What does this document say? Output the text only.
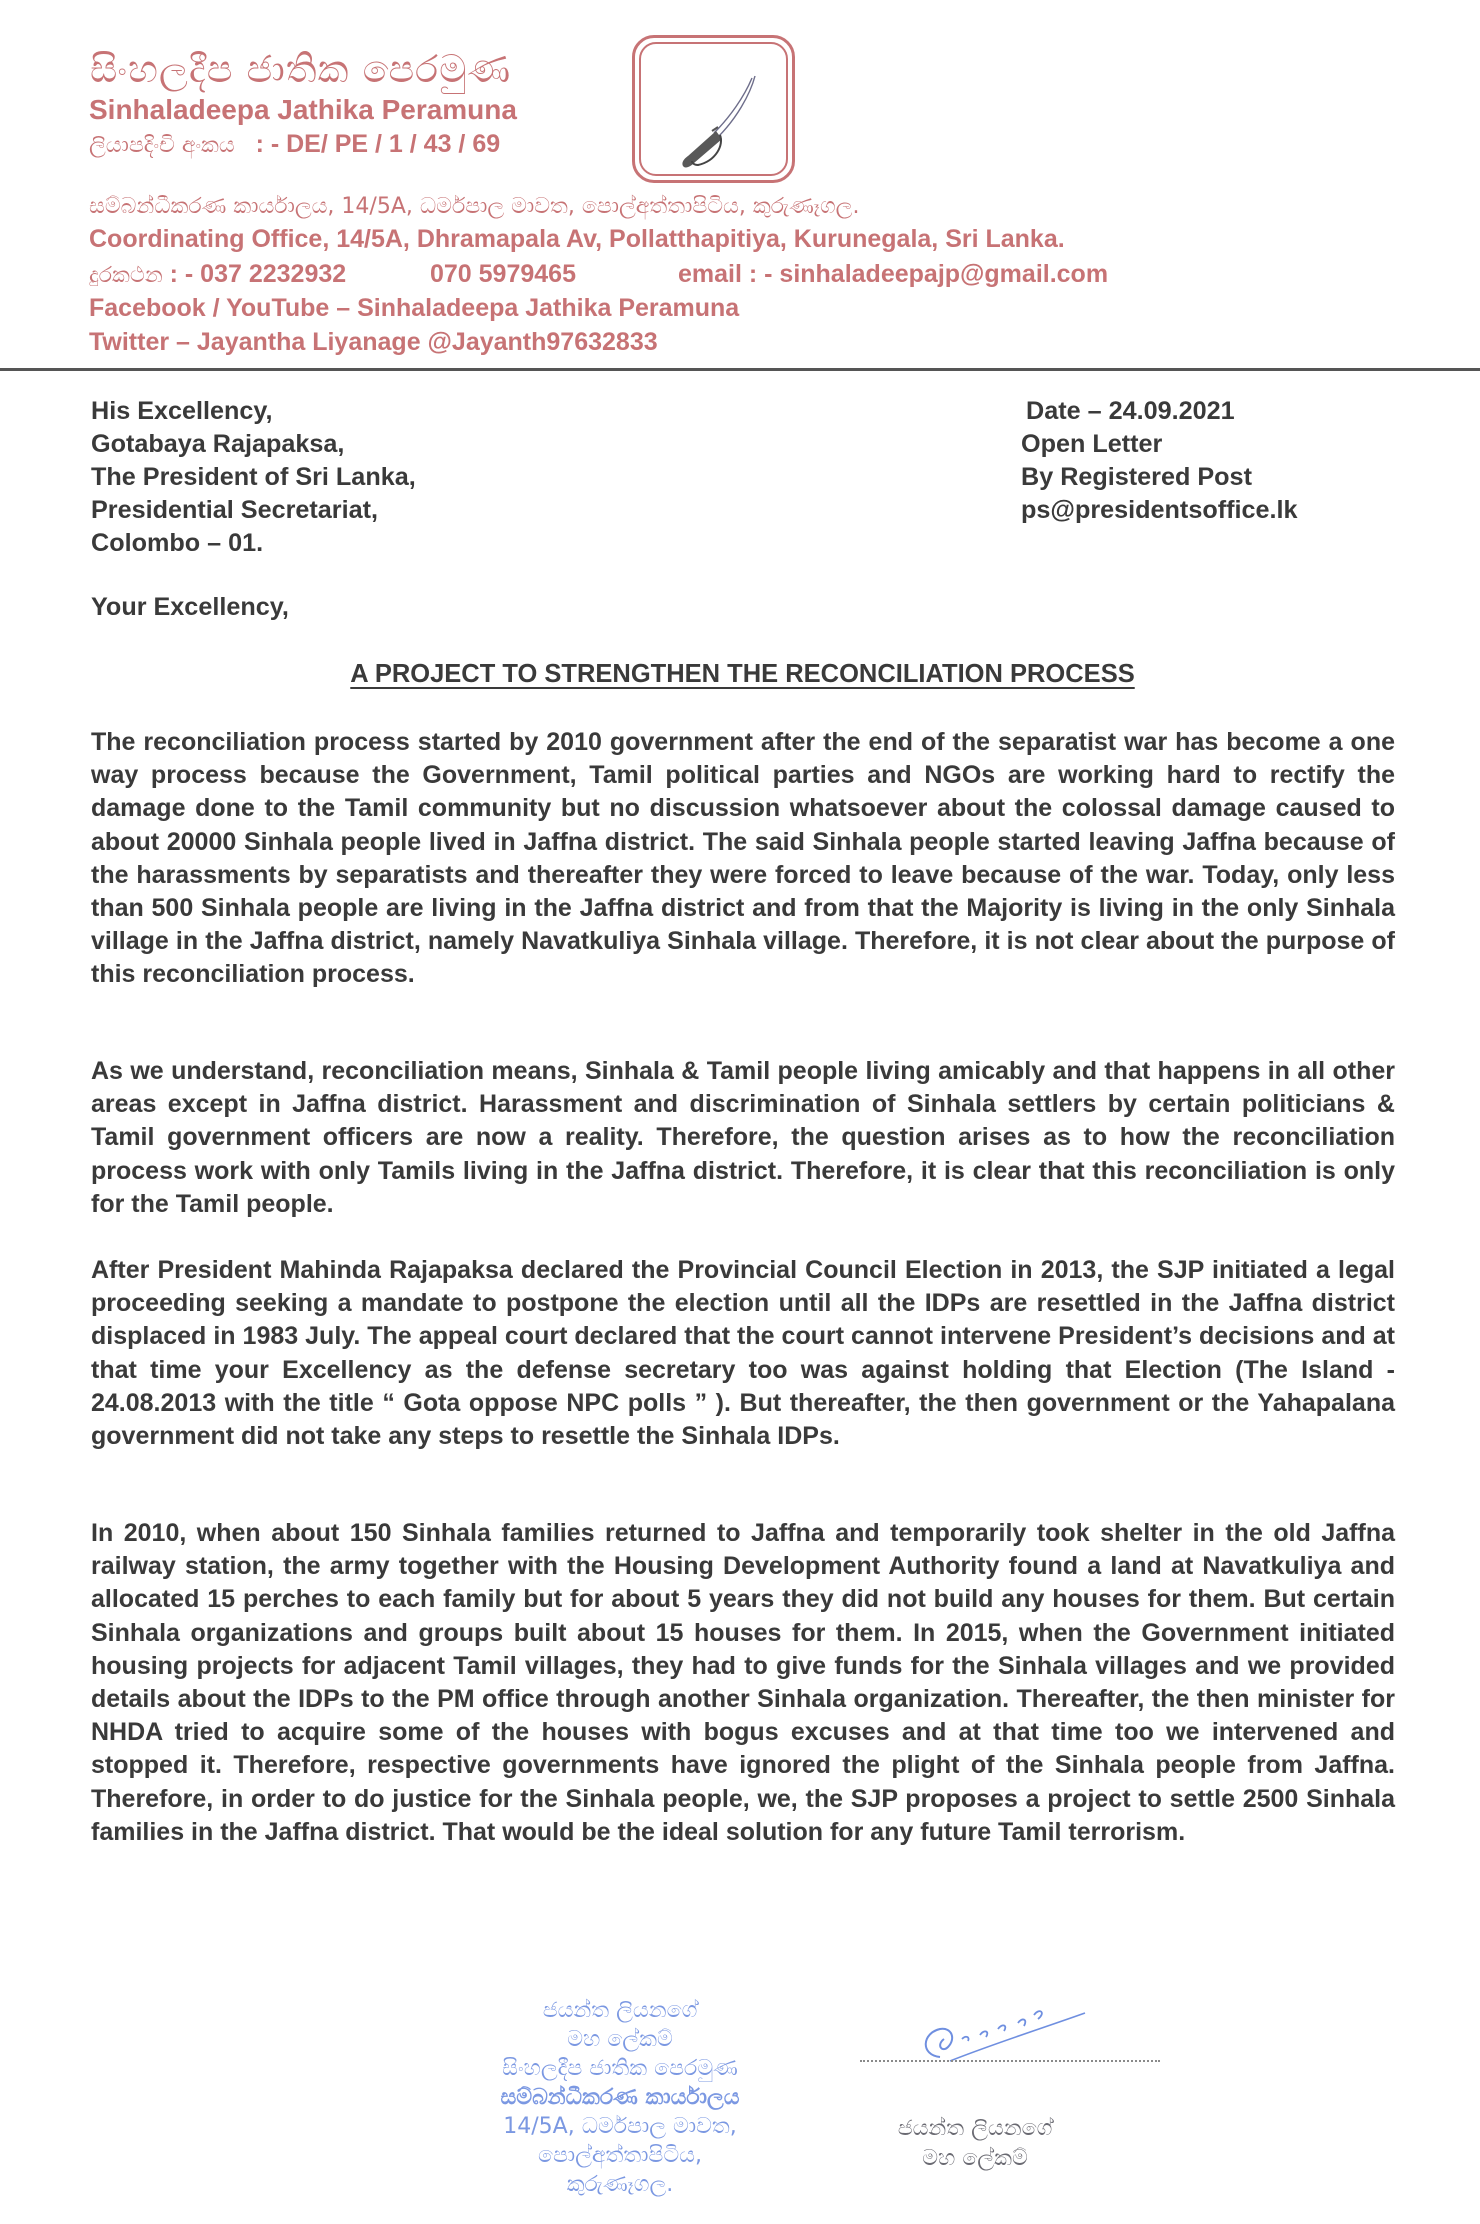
සිංහලදීප ජාතික පෙරමුණ
Sinhaladeepa Jathika Peramuna
ලියාපදිංචි අංකය : - DE/ PE / 1 / 43 / 69
සම්බන්ධීකරණ කාර්යාලය, 14/5A, ධර්මපාල මාවත, පොල්අත්තාපිටිය, කුරුණෑගල.
Coordinating Office, 14/5A, Dhramapala Av, Pollatthapitiya, Kurunegala, Sri Lanka.
දුරකථන : - 037 2232932	070 5979465	email : - sinhaladeepajp@gmail.com
Facebook / YouTube – Sinhaladeepa Jathika Peramuna
Twitter – Jayantha Liyanage @Jayanth97632833
His Excellency,
Gotabaya Rajapaksa,
The President of Sri Lanka,
Presidential Secretariat,
Colombo – 01.
Date – 24.09.2021
Open Letter
By Registered Post
ps@presidentsoffice.lk
Your Excellency,
A PROJECT TO STRENGTHEN THE RECONCILIATION PROCESS
The reconciliation process started by 2010 government after the end of the separatist war has become a one way process because the Government, Tamil political parties and NGOs are working hard to rectify the damage done to the Tamil community but no discussion whatsoever about the colossal damage caused to about 20000 Sinhala people lived in Jaffna district. The said Sinhala people started leaving Jaffna because of the harassments by separatists and thereafter they were forced to leave because of the war. Today, only less than 500 Sinhala people are living in the Jaffna district and from that the Majority is living in the only Sinhala village in the Jaffna district, namely Navatkuliya Sinhala village. Therefore, it is not clear about the purpose of this reconciliation process.
As we understand, reconciliation means, Sinhala & Tamil people living amicably and that happens in all other areas except in Jaffna district. Harassment and discrimination of Sinhala settlers by certain politicians & Tamil government officers are now a reality. Therefore, the question arises as to how the reconciliation process work with only Tamils living in the Jaffna district. Therefore, it is clear that this reconciliation is only for the Tamil people.
After President Mahinda Rajapaksa declared the Provincial Council Election in 2013, the SJP initiated a legal proceeding seeking a mandate to postpone the election until all the IDPs are resettled in the Jaffna district displaced in 1983 July. The appeal court declared that the court cannot intervene President’s decisions and at that time your Excellency as the defense secretary too was against holding that Election (The Island - 24.08.2013 with the title “ Gota oppose NPC polls ” ). But thereafter, the then government or the Yahapalana government did not take any steps to resettle the Sinhala IDPs.
In 2010, when about 150 Sinhala families returned to Jaffna and temporarily took shelter in the old Jaffna railway station, the army together with the Housing Development Authority found a land at Navatkuliya and allocated 15 perches to each family but for about 5 years they did not build any houses for them. But certain Sinhala organizations and groups built about 15 houses for them. In 2015, when the Government initiated housing projects for adjacent Tamil villages, they had to give funds for the Sinhala villages and we provided details about the IDPs to the PM office through another Sinhala organization. Thereafter, the then minister for NHDA tried to acquire some of the houses with bogus excuses and at that time too we intervened and stopped it. Therefore, respective governments have ignored the plight of the Sinhala people from Jaffna. Therefore, in order to do justice for the Sinhala people, we, the SJP proposes a project to settle 2500 Sinhala families in the Jaffna district. That would be the ideal solution for any future Tamil terrorism.
ජයන්ත ලියනගේ
මහ ලේකම්
සිංහලදීප ජාතික පෙරමුණ
සම්බන්ධීකරණ කාර්යාලය
14/5A, ධර්මපාල මාවත, පොල්අත්තාපිටිය,
කුරුණෑගල.
ජයන්ත ලියනගේ
මහ ලේකම්
